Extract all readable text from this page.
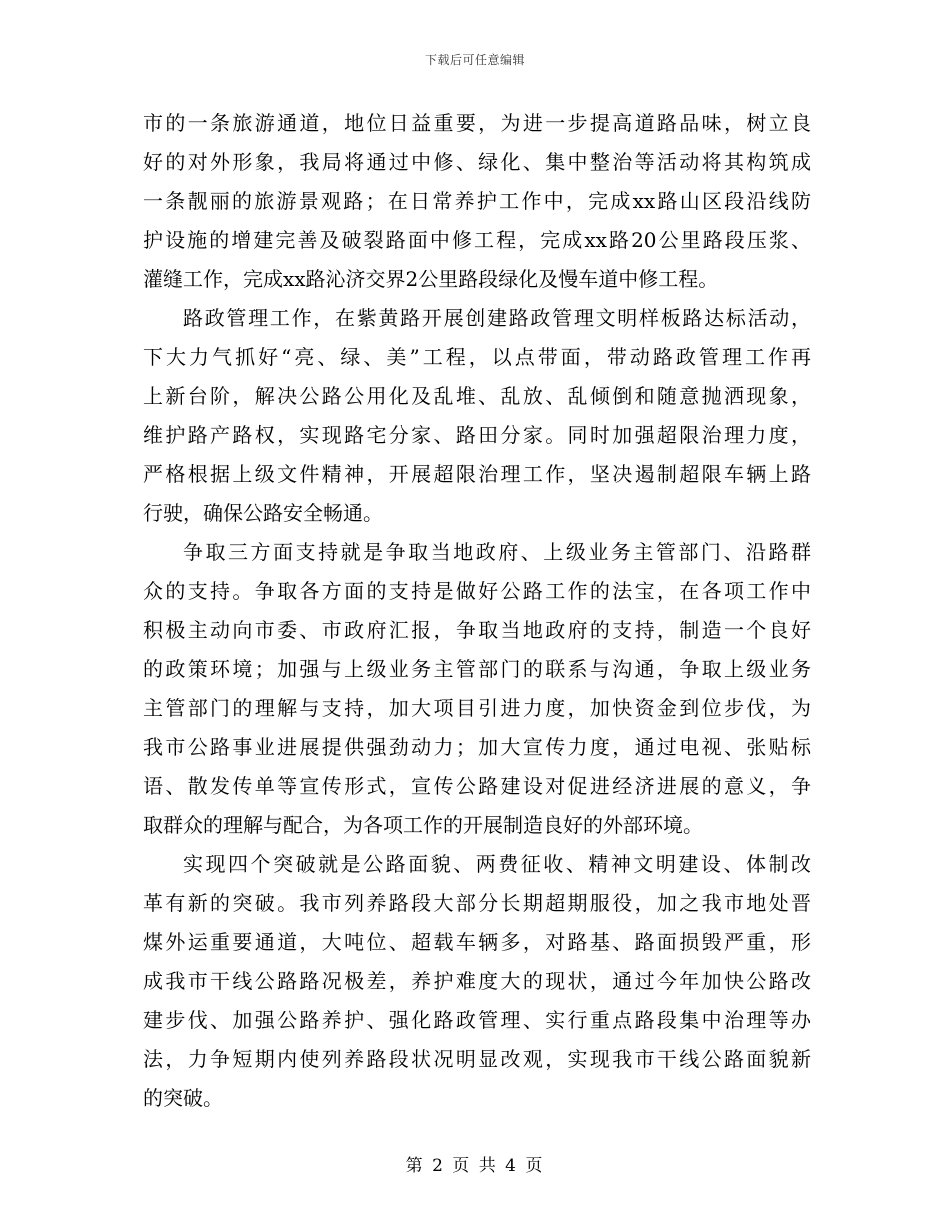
下载后可任意编辑
市的一条旅游通道，地位日益重要，为进一步提高道路品味，树立良
好的对外形象，我局将通过中修、绿化、集中整治等活动将其构筑成
一条靓丽的旅游景观路；在日常养护工作中，完成xx路山区段沿线防
护设施的增建完善及破裂路面中修工程，完成xx路20公里路段压浆、
灌缝工作，完成xx路沁济交界2公里路段绿化及慢车道中修工程。
路政管理工作，在紫黄路开展创建路政管理文明样板路达标活动，
下大力气抓好“亮、绿、美”工程，以点带面，带动路政管理工作再
上新台阶，解决公路公用化及乱堆、乱放、乱倾倒和随意抛洒现象，
维护路产路权，实现路宅分家、路田分家。同时加强超限治理力度，
严格根据上级文件精神，开展超限治理工作，坚决遏制超限车辆上路
行驶，确保公路安全畅通。
争取三方面支持就是争取当地政府、上级业务主管部门、沿路群
众的支持。争取各方面的支持是做好公路工作的法宝，在各项工作中
积极主动向市委、市政府汇报，争取当地政府的支持，制造一个良好
的政策环境；加强与上级业务主管部门的联系与沟通，争取上级业务
主管部门的理解与支持，加大项目引进力度，加快资金到位步伐，为
我市公路事业进展提供强劲动力；加大宣传力度，通过电视、张贴标
语、散发传单等宣传形式，宣传公路建设对促进经济进展的意义，争
取群众的理解与配合，为各项工作的开展制造良好的外部环境。
实现四个突破就是公路面貌、两费征收、精神文明建设、体制改
革有新的突破。我市列养路段大部分长期超期服役，加之我市地处晋
煤外运重要通道，大吨位、超载车辆多，对路基、路面损毁严重，形
成我市干线公路路况极差，养护难度大的现状，通过今年加快公路改
建步伐、加强公路养护、强化路政管理、实行重点路段集中治理等办
法，力争短期内使列养路段状况明显改观，实现我市干线公路面貌新
的突破。
第 2 页 共 4 页
